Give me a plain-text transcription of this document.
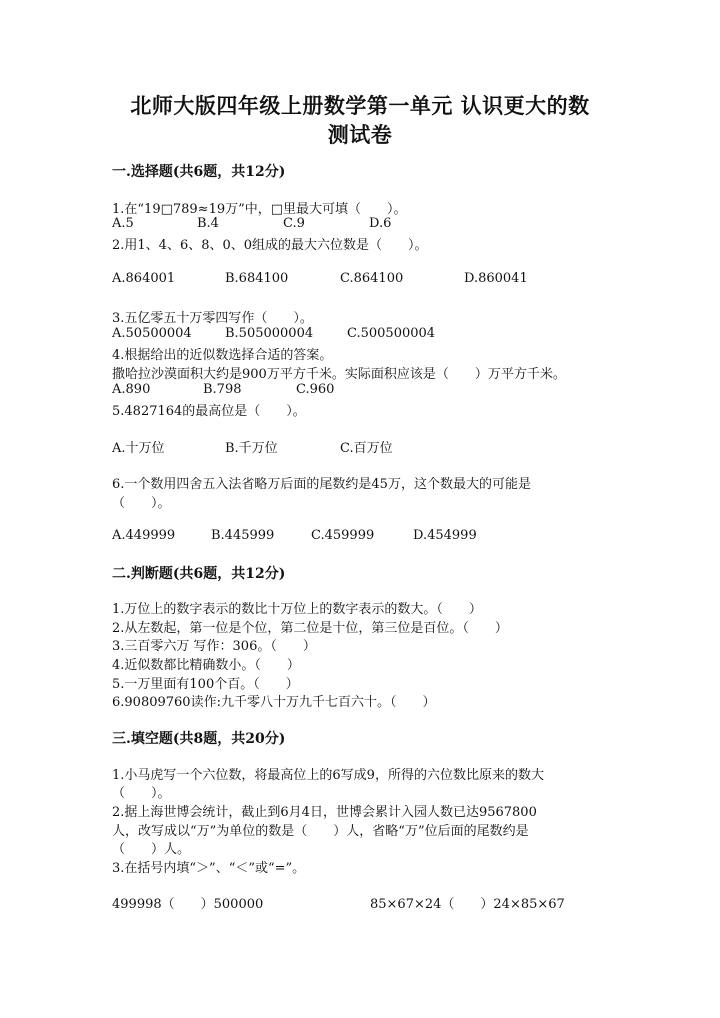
北师大版四年级上册数学第一单元 认识更大的数
测试卷
一.选择题(共6题，共12分)
1.在“19□789≈19万”中，□里最大可填（　　）。
A.5	B.4	C.9	D.6
2.用1、4、6、8、0、0组成的最大六位数是（　　）。
A.864001	B.684100	C.864100	D.860041
3.五亿零五十万零四写作（　　）。
A.50500004	B.505000004	C.500500004
4.根据给出的近似数选择合适的答案。
撒哈拉沙漠面积大约是900万平方千米。实际面积应该是（　　）万平方千米。
A.890	B.798	C.960
5.4827164的最高位是（　　）。
A.十万位	B.千万位	C.百万位
6.一个数用四舍五入法省略万后面的尾数约是45万，这个数最大的可能是
（　　）。
A.449999	B.445999	C.459999	D.454999
二.判断题(共6题，共12分)
1.万位上的数字表示的数比十万位上的数字表示的数大。（　　）
2.从左数起，第一位是个位，第二位是十位，第三位是百位。（　　）
3.三百零六万 写作：306。（　　）
4.近似数都比精确数小。（　　）
5.一万里面有100个百。（　　）
6.90809760读作:九千零八十万九千七百六十。（　　）
三.填空题(共8题，共20分)
1.小马虎写一个六位数，将最高位上的6写成9，所得的六位数比原来的数大
（　　）。
2.据上海世博会统计，截止到6月4日，世博会累计入园人数已达9567800
人，改写成以“万”为单位的数是（　　）人，省略“万”位后面的尾数约是
（　　）人。
3.在括号内填“＞”、“＜”或“=”。
499998（　　）500000	85×67×24（　　）24×85×67
